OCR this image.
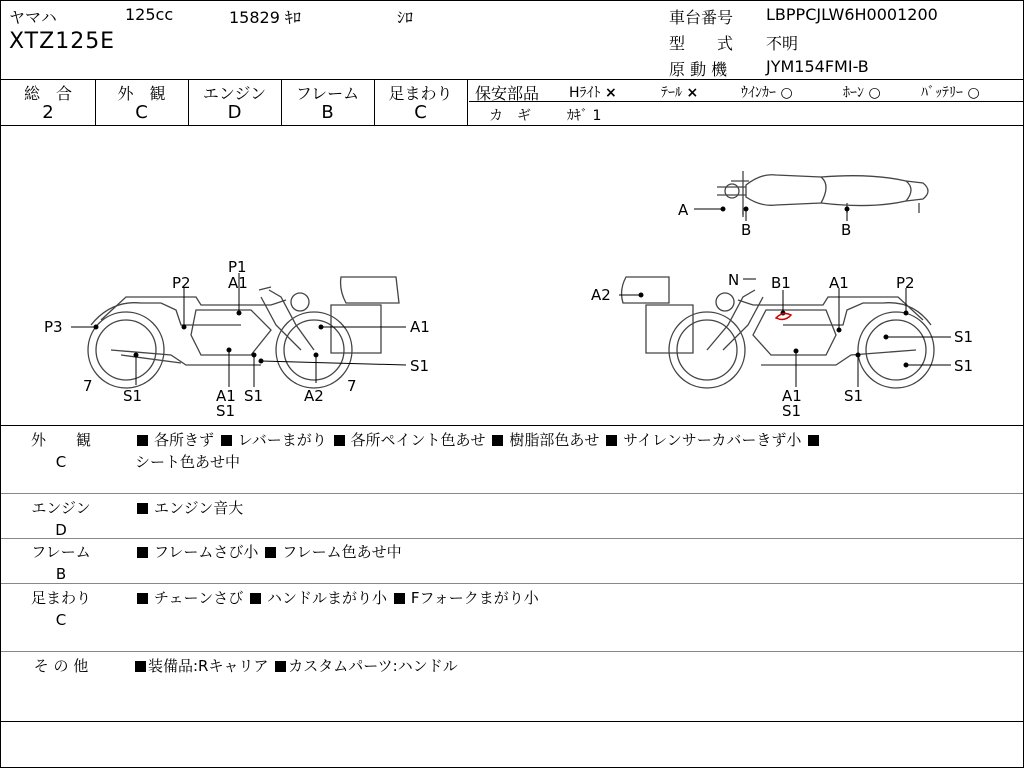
ヤマハ	125cc	15829 ｷﾛ	ｼﾛ
XTZ125E
車台番号 LBPPCJLW6H0001200
型　　式 不明
原 動 機 JYM154FMI-B
総　合
2
外　観
C
エンジン
D
フレーム
B
足まわり
C
保安部品 Hﾗｲﾄ ×	ﾃｰﾙ ×	ｳｲﾝｶｰ ○	ﾎｰﾝ ○	ﾊﾞｯﾃﾘｰ ○
カ　ギ	ｶｷﾞ 1
P1
A1
P2
P3	A1
7
S1	A1
S1
S1	A2
7
S1
A2
N B1	A1	P2
S1
S1
A1
S1
S1
A
B	B
外　　観
C
各所きず レバーまがり 各所ペイント色あせ 樹脂部色あせ サイレンサーカバーきず小
シート色あせ中
エンジン
D
エンジン音大
フレーム
B
フレームさび小 フレーム色あせ中
足まわり
C
チェーンさび ハンドルまがり小 Fフォークまがり小
そ の 他	装備品:Rキャリア カスタムパーツ:ハンドル
